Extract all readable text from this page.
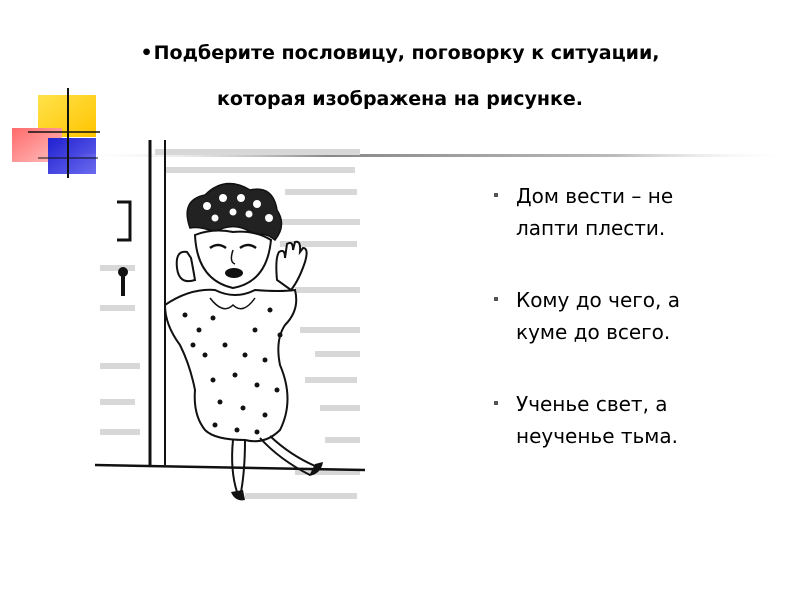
•Подберите пословицу, поговорку к ситуации,
которая изображена на рисунке.
Дом вести – не
лапти плести.
Кому до чего, а
куме до всего.
Ученье свет, а
неученье тьма.
